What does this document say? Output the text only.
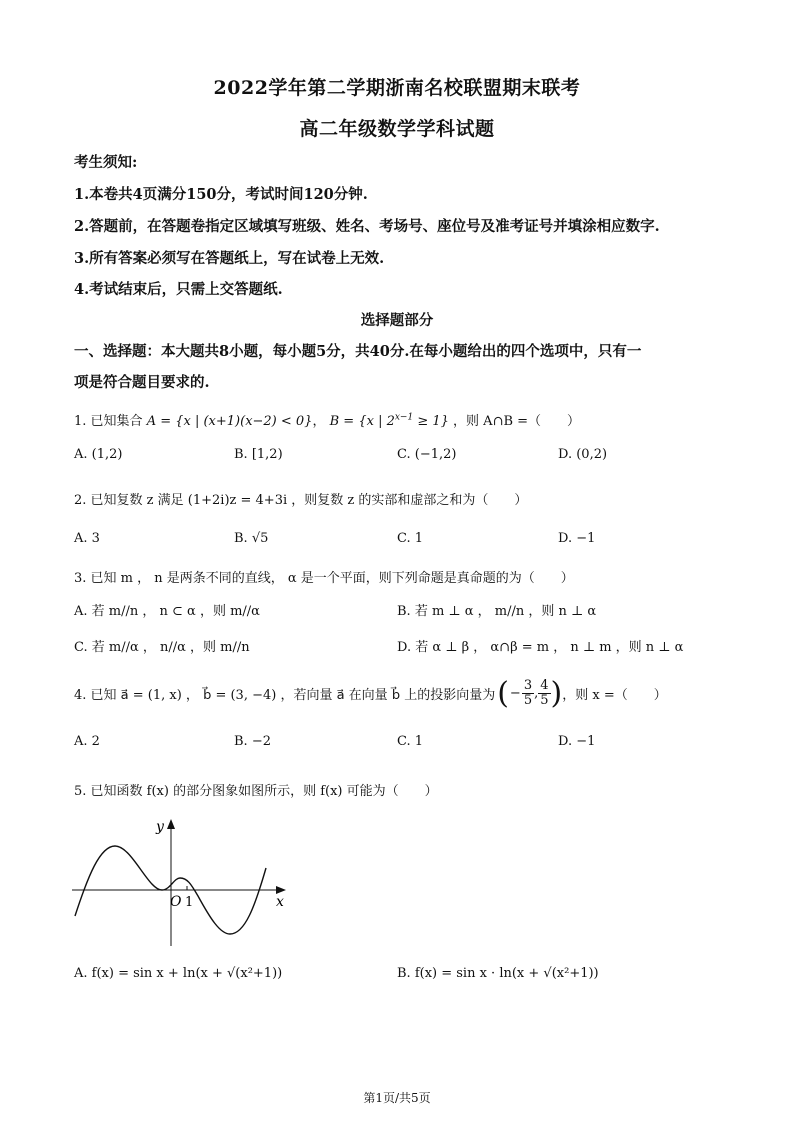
2022学年第二学期浙南名校联盟期末联考
高二年级数学学科试题
考生须知:
1.本卷共4页满分150分，考试时间120分钟.
2.答题前，在答题卷指定区域填写班级、姓名、考场号、座位号及准考证号并填涂相应数字.
3.所有答案必须写在答题纸上，写在试卷上无效.
4.考试结束后，只需上交答题纸.
选择题部分
一、选择题：本大题共8小题，每小题5分，共40分.在每小题给出的四个选项中，只有一
项是符合题目要求的.
1. 已知集合 A = {x | (x+1)(x−2) < 0}， B = {x | $2^{x-1} \ge 1$} ，则 A∩B =（　　）
A. (1,2)	B. [1,2)	C. (−1,2)	D. (0,2)
2. 已知复数 z 满足 (1+2i)z = 4+3i ，则复数 z 的实部和虚部之和为（　　）
A. 3	B. √5	C. 1	D. −1
3. 已知 m ， n 是两条不同的直线， α 是一个平面，则下列命题是真命题的为（　　）
A. 若 m//n ， n ⊂ α ，则 m//α	B. 若 m ⊥ α ， m//n ，则 n ⊥ α
C. 若 m//α ， n//α ，则 m//n	D. 若 α ⊥ β ， α∩β = m ， n ⊥ m ，则 n ⊥ α
4. 已知 a⃗ = (1, x) ， b⃗ = (3, −4) ，若向量 a⃗ 在向量 b⃗ 上的投影向量为 ( − $\frac{3}{5}$ , $\frac{4}{5}$ ) ，则 x =（　　）
A. 2	B. −2	C. 1	D. −1
5. 已知函数 f(x) 的部分图象如图所示，则 f(x) 可能为（　　）
y
x
O 1
A. f(x) = sin x + ln(x + √(x²+1))	B. f(x) = sin x · ln(x + √(x²+1))
第1页/共5页
